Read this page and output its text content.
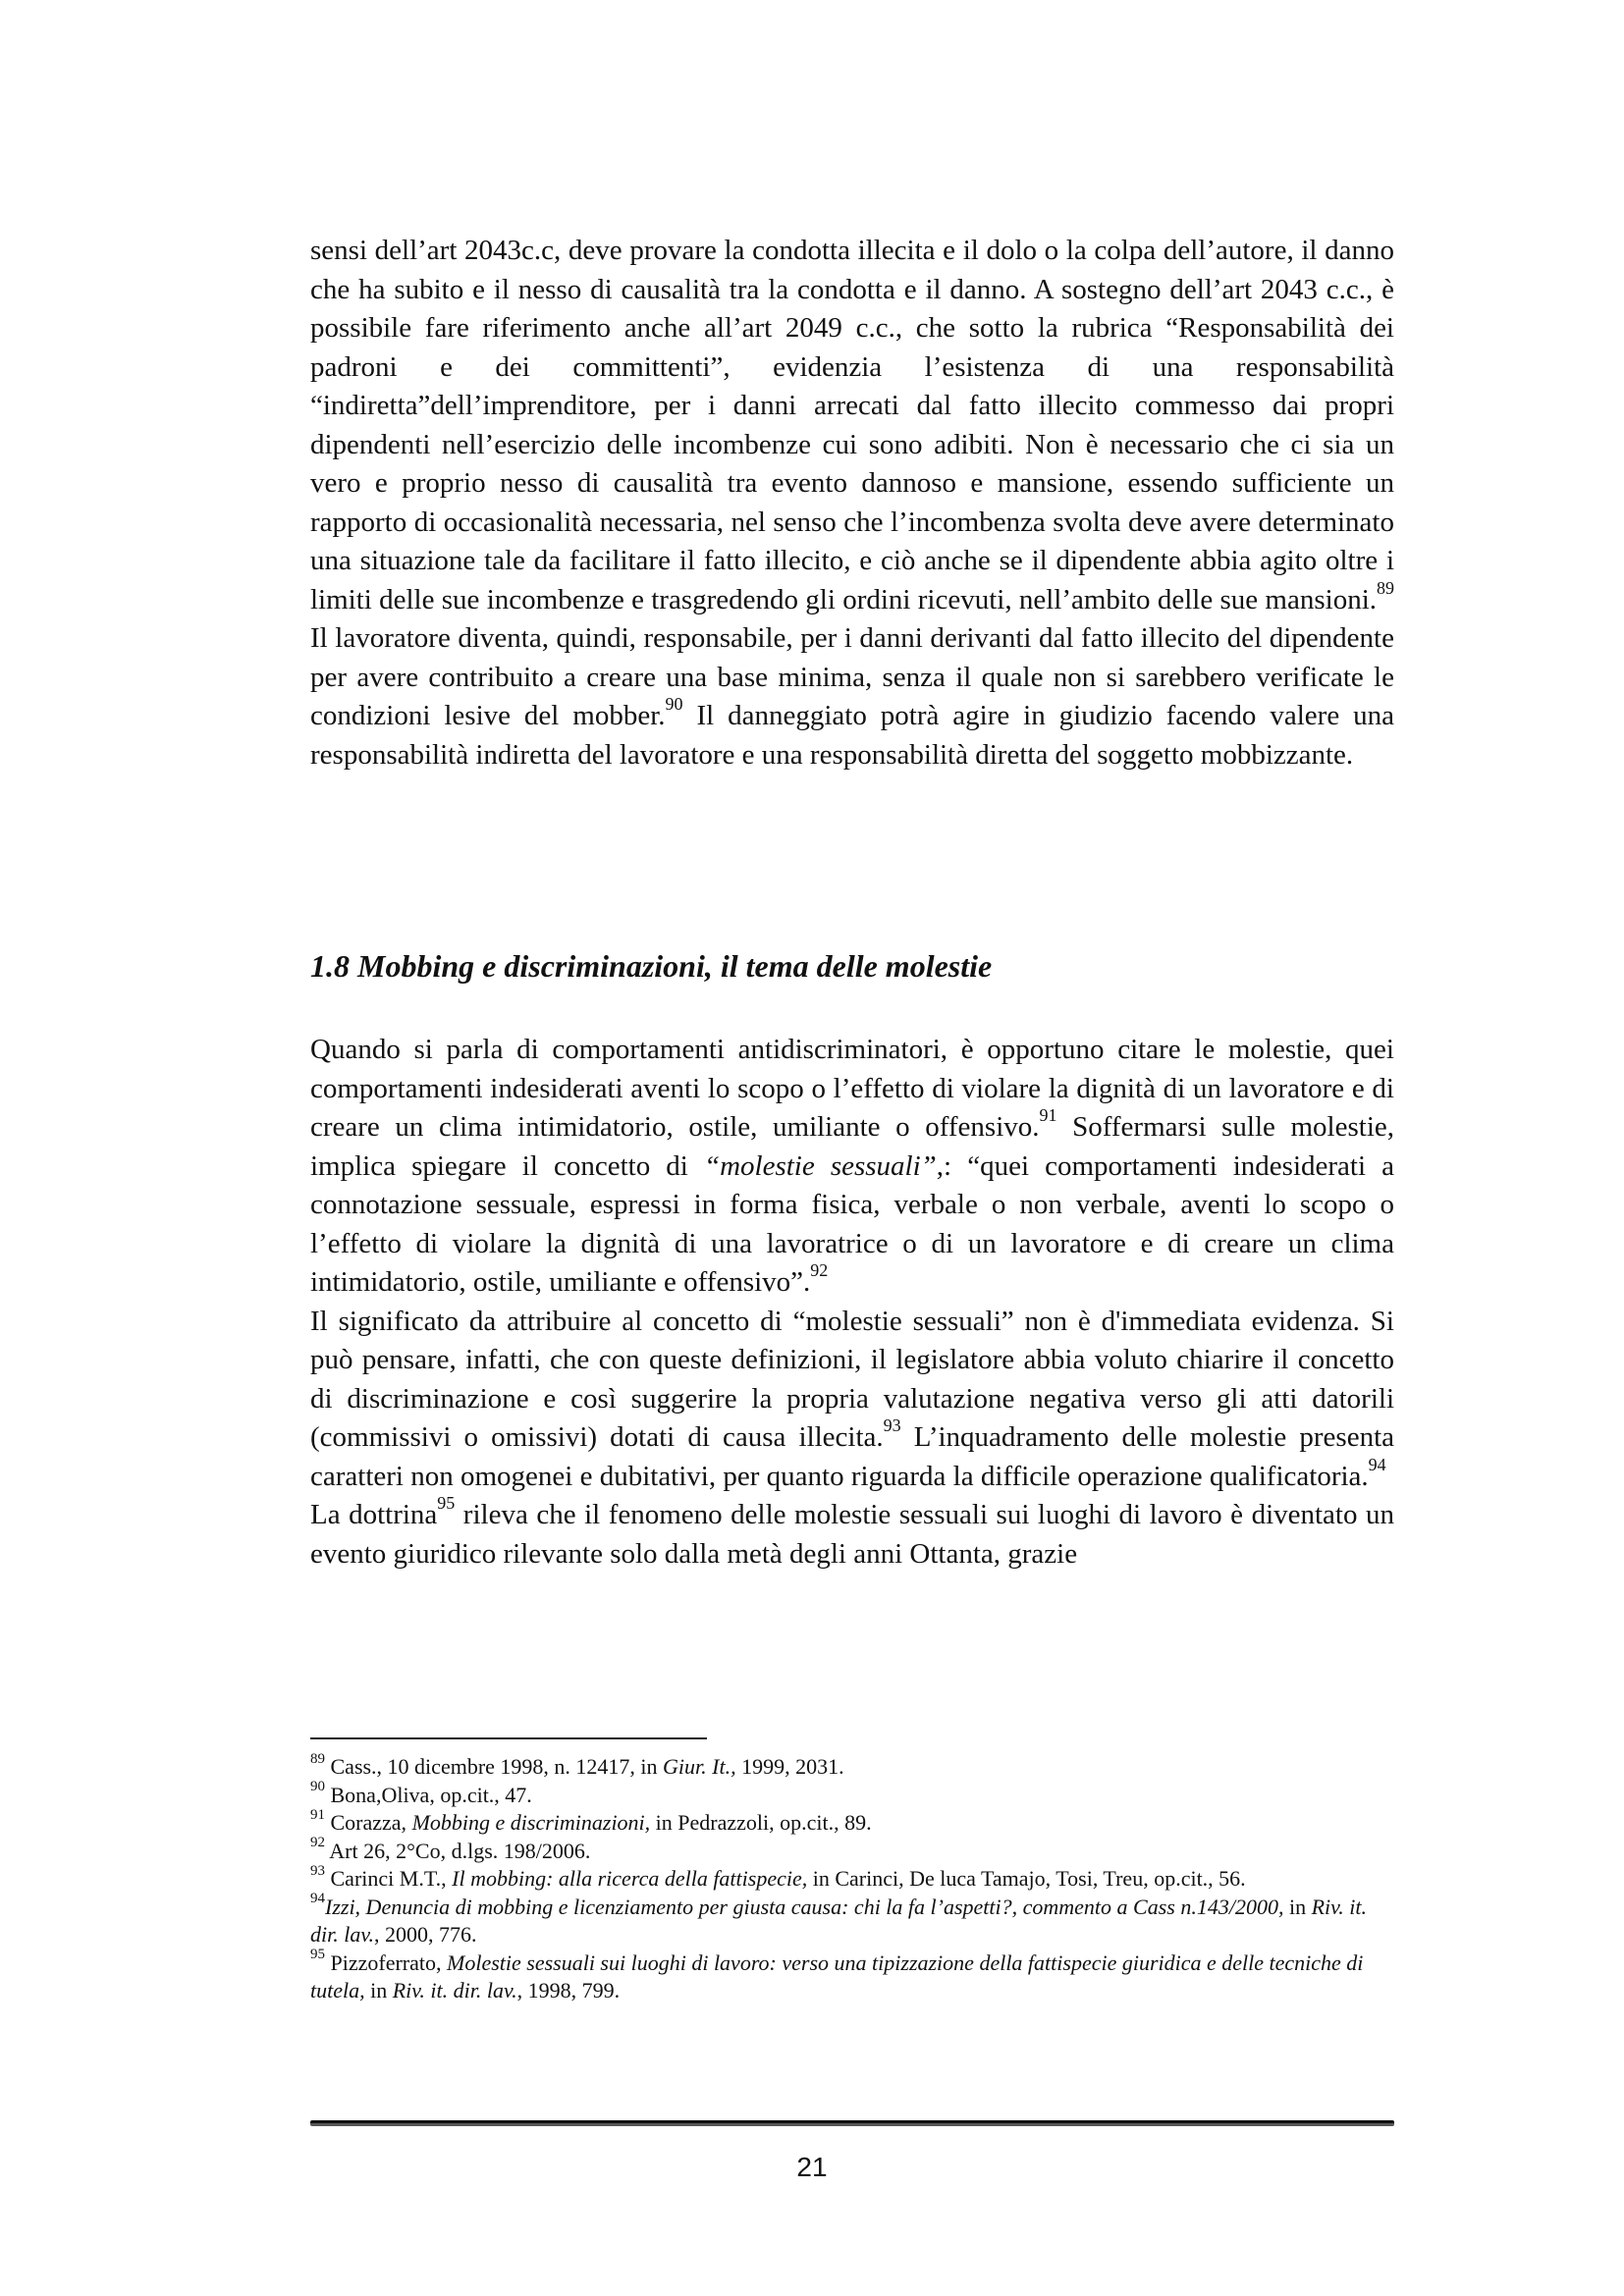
sensi dell’art 2043c.c, deve provare la condotta illecita e il dolo o la colpa dell’autore, il danno che ha subito e il nesso di causalità tra la condotta e il danno. A sostegno dell’art 2043 c.c., è possibile fare riferimento anche all’art 2049 c.c., che sotto la rubrica “Responsabilità dei padroni e dei committenti”, evidenzia l’esistenza di una responsabilità “indiretta”dell’imprenditore, per i danni arrecati dal fatto illecito commesso dai propri dipendenti nell’esercizio delle incombenze cui sono adibiti. Non è necessario che ci sia un vero e proprio nesso di causalità tra evento dannoso e mansione, essendo sufficiente un rapporto di occasionalità necessaria, nel senso che l’incombenza svolta deve avere determinato una situazione tale da facilitare il fatto illecito, e ciò anche se il dipendente abbia agito oltre i limiti delle sue incombenze e trasgredendo gli ordini ricevuti, nell’ambito delle sue mansioni.$^{89}$ Il lavoratore diventa, quindi, responsabile, per i danni derivanti dal fatto illecito del dipendente per avere contribuito a creare una base minima, senza il quale non si sarebbero verificate le condizioni lesive del mobber.$^{90}$ Il danneggiato potrà agire in giudizio facendo valere una responsabilità indiretta del lavoratore e una responsabilità diretta del soggetto mobbizzante.

1.8 Mobbing e discriminazioni, il tema delle molestie

Quando si parla di comportamenti antidiscriminatori, è opportuno citare le molestie, quei comportamenti indesiderati aventi lo scopo o l’effetto di violare la dignità di un lavoratore e di creare un clima intimidatorio, ostile, umiliante o offensivo.$^{91}$ Soffermarsi sulle molestie, implica spiegare il concetto di “molestie sessuali”,: “quei comportamenti indesiderati a connotazione sessuale, espressi in forma fisica, verbale o non verbale, aventi lo scopo o l’effetto di violare la dignità di una lavoratrice o di un lavoratore e di creare un clima intimidatorio, ostile, umiliante e offensivo”.$^{92}$

Il significato da attribuire al concetto di “molestie sessuali” non è d'immediata evidenza. Si può pensare, infatti, che con queste definizioni, il legislatore abbia voluto chiarire il concetto di discriminazione e così suggerire la propria valutazione negativa verso gli atti datorili (commissivi o omissivi) dotati di causa illecita.$^{93}$ L’inquadramento delle molestie presenta caratteri non omogenei e dubitativi, per quanto riguarda la difficile operazione qualificatoria.$^{94}$

La dottrina$^{95}$ rileva che il fenomeno delle molestie sessuali sui luoghi di lavoro è diventato un evento giuridico rilevante solo dalla metà degli anni Ottanta, grazie

$^{89}$ Cass., 10 dicembre 1998, n. 12417, in Giur. It., 1999, 2031.

$^{90}$ Bona,Oliva, op.cit., 47.

$^{91}$ Corazza, Mobbing e discriminazioni, in Pedrazzoli, op.cit., 89.

$^{92}$ Art 26, 2°Co, d.lgs. 198/2006.

$^{93}$ Carinci M.T., Il mobbing: alla ricerca della fattispecie, in Carinci, De luca Tamajo, Tosi, Treu, op.cit., 56.

$^{94}$Izzi, Denuncia di mobbing e licenziamento per giusta causa: chi la fa l’aspetti?, commento a Cass n.143/2000, in Riv. it. dir. lav., 2000, 776.

$^{95}$ Pizzoferrato, Molestie sessuali sui luoghi di lavoro: verso una tipizzazione della fattispecie giuridica e delle tecniche di tutela, in Riv. it. dir. lav., 1998, 799.

21
